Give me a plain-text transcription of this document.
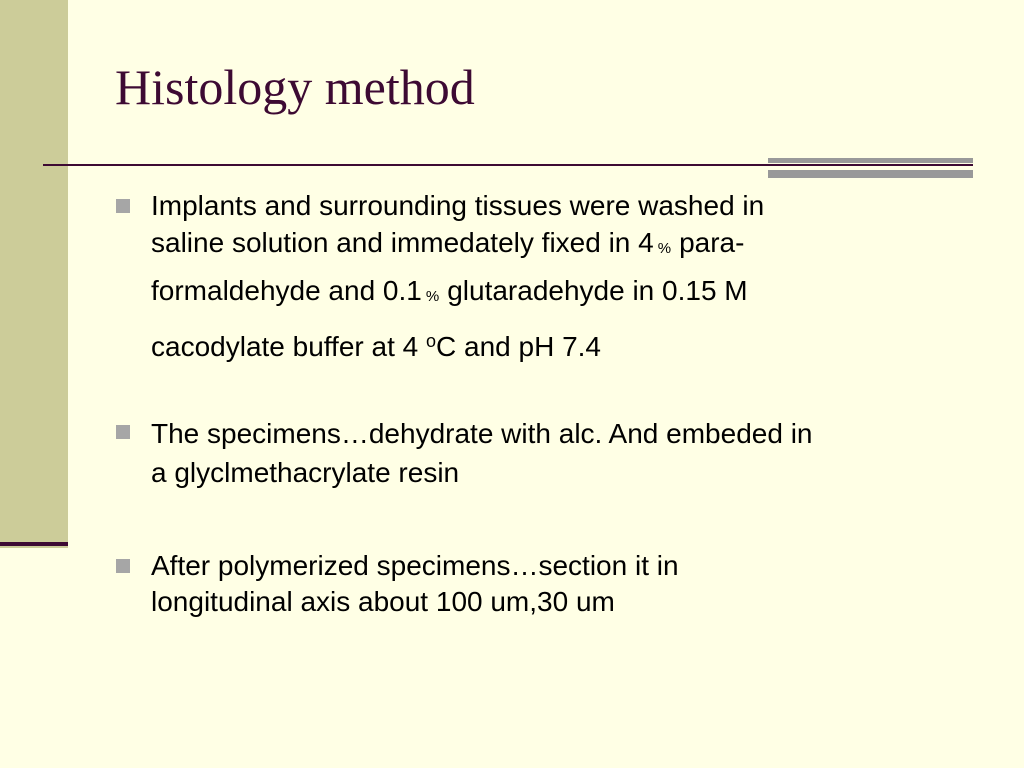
Histology method
Implants and surrounding tissues were washed in
saline solution and immedately fixed in 4 % para-
formaldehyde and 0.1 % glutaradehyde in 0.15 M
cacodylate buffer at 4 $^o$C and pH 7.4
The specimens…dehydrate with alc. And embeded in
a glyclmethacrylate resin
After polymerized specimens…section it in
longitudinal axis about 100 um,30 um
